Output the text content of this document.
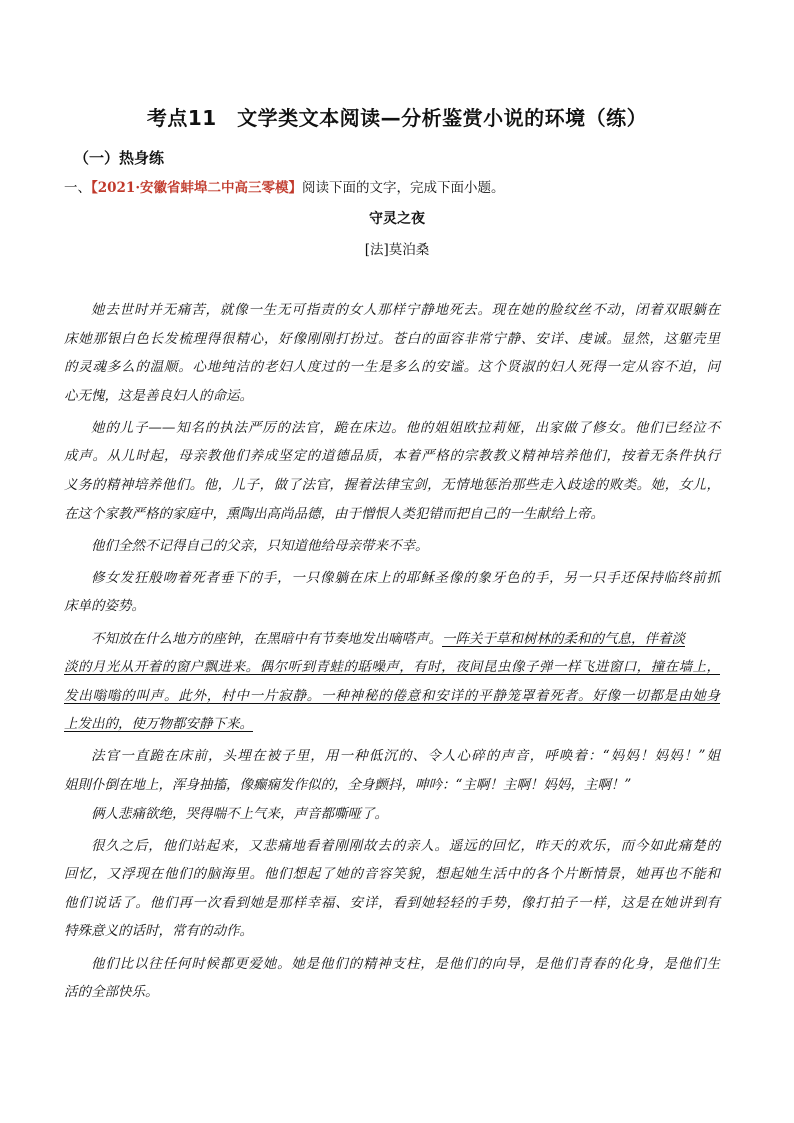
考点11　文学类文本阅读—分析鉴赏小说的环境（练）
（一）热身练
一、【2021·安徽省蚌埠二中高三零模】阅读下面的文字，完成下面小题。
守灵之夜
[法]莫泊桑
她去世时并无痛苦，就像一生无可指责的女人那样宁静地死去。现在她的脸纹丝不动，闭着双眼躺在
床她那银白色长发梳理得很精心，好像刚刚打扮过。苍白的面容非常宁静、安详、虔诚。显然，这躯壳里
的灵魂多么的温顺。心地纯洁的老妇人度过的一生是多么的安谧。这个贤淑的妇人死得一定从容不迫，问
心无愧，这是善良妇人的命运。
她的儿子——知名的执法严厉的法官，跪在床边。他的姐姐欧拉莉娅，出家做了修女。他们已经泣不
成声。从儿时起，母亲教他们养成坚定的道德品质，本着严格的宗教教义精神培养他们，按着无条件执行
义务的精神培养他们。他，儿子，做了法官，握着法律宝剑，无情地惩治那些走入歧途的败类。她，女儿，
在这个家教严格的家庭中，熏陶出高尚品德，由于憎恨人类犯错而把自己的一生献给上帝。
他们全然不记得自己的父亲，只知道他给母亲带来不幸。
修女发狂般吻着死者垂下的手，一只像躺在床上的耶稣圣像的象牙色的手，另一只手还保持临终前抓
床单的姿势。
不知放在什么地方的座钟，在黑暗中有节奏地发出嘀嗒声。一阵关于草和树林的柔和的气息，伴着淡
淡的月光从开着的窗户飘进来。偶尔听到青蛙的聒噪声，有时，夜间昆虫像子弹一样飞进窗口，撞在墙上，
发出嗡嗡的叫声。此外，村中一片寂静。一种神秘的倦意和安详的平静笼罩着死者。好像一切都是由她身
上发出的，使万物都安静下来。
法官一直跪在床前，头埋在被子里，用一种低沉的、令人心碎的声音，呼唤着：“妈妈！妈妈！”姐
姐則仆倒在地上，浑身抽搐，像癫痫发作似的，全身颤抖，呻吟：“主啊！主啊！妈妈，主啊！”
俩人悲痛欲绝，哭得喘不上气来，声音都嘶哑了。
很久之后，他们站起来，又悲痛地看着刚刚故去的亲人。遥远的回忆，昨天的欢乐，而今如此痛楚的
回忆，又浮现在他们的脑海里。他们想起了她的音容笑貌，想起她生活中的各个片断情景，她再也不能和
他们说话了。他们再一次看到她是那样幸福、安详，看到她轻轻的手势，像打拍子一样，这是在她讲到有
特殊意义的话时，常有的动作。
他们比以往任何时候都更爱她。她是他们的精神支柱，是他们的向导，是他们青春的化身，是他们生
活的全部快乐。
